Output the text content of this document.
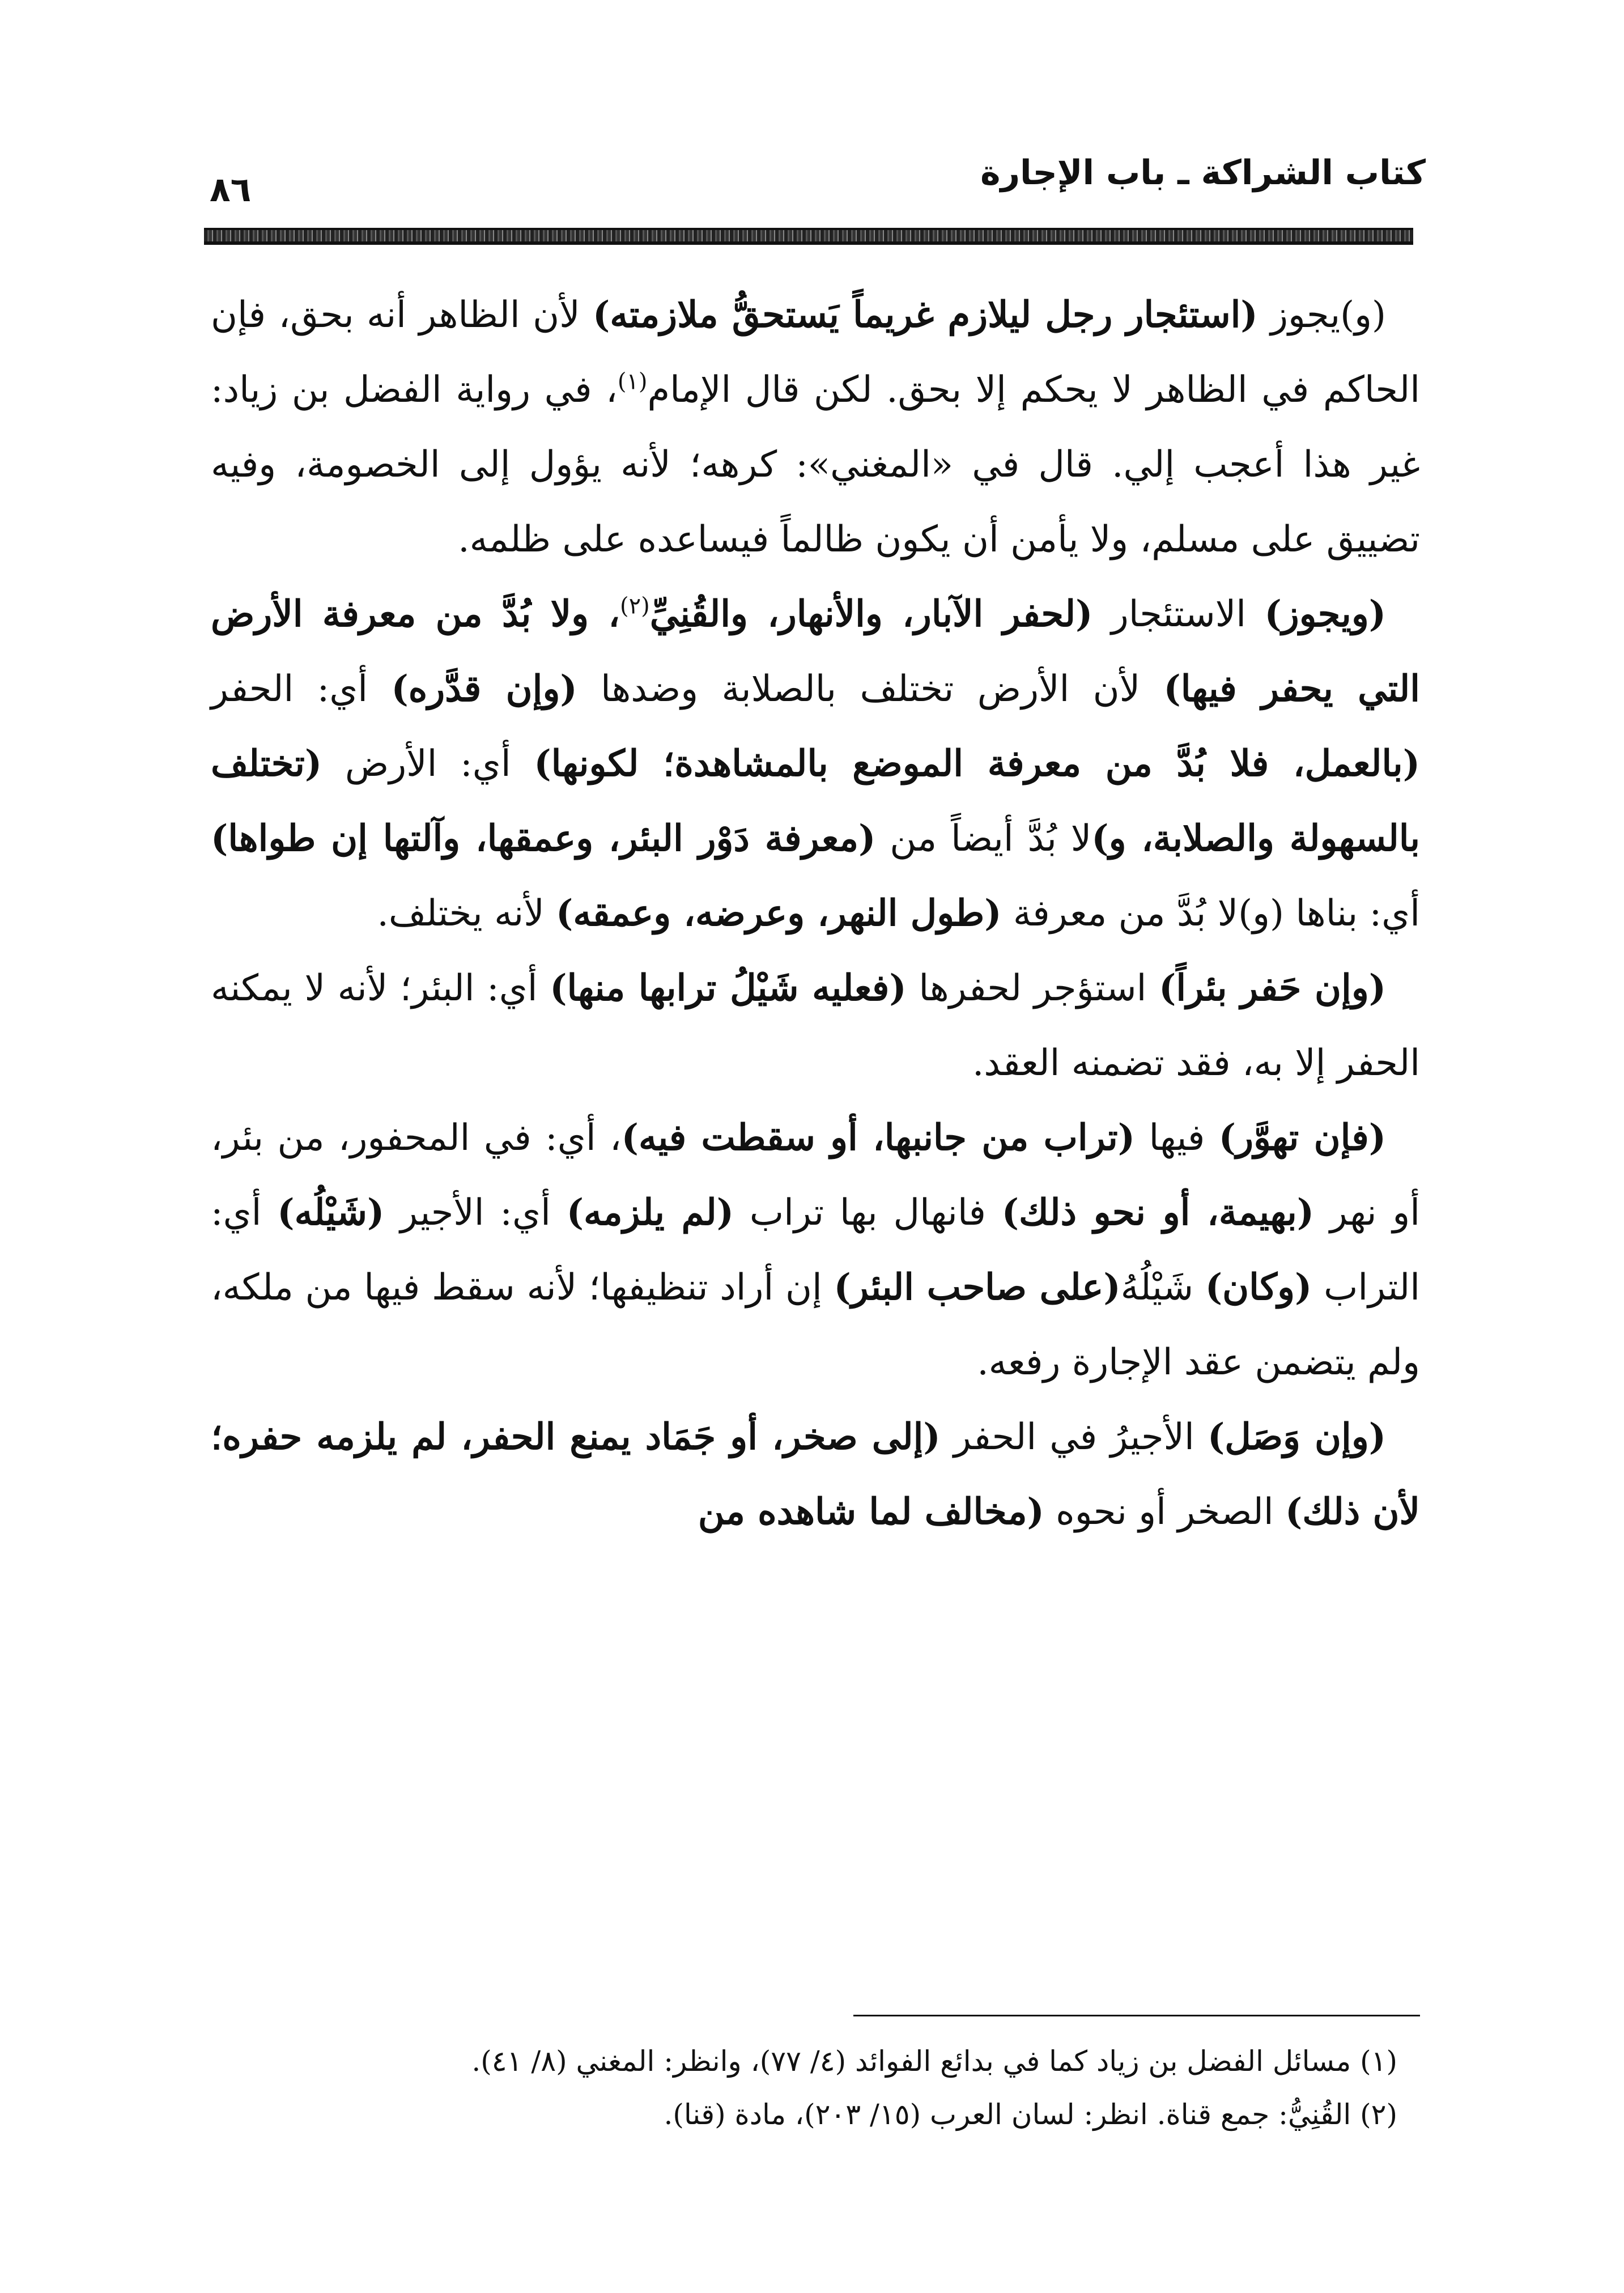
كتاب الشراكة ـ باب الإجارة
٨٦

(و)يجوز (استئجار رجل ليلازم غريماً يَستحقُّ ملازمته) لأن الظاهر أنه بحق، فإن الحاكم في الظاهر لا يحكم إلا بحق. لكن قال الإمام$^{(١)}$، في رواية الفضل بن زياد: غير هذا أعجب إلي. قال في «المغني»: كرهه؛ لأنه يؤول إلى الخصومة، وفيه تضييق على مسلم، ولا يأمن أن يكون ظالماً فيساعده على ظلمه.

(ويجوز) الاستئجار (لحفر الآبار، والأنهار، والقُنِيِّ$^{(٢)}$، ولا بُدَّ من معرفة الأرض التي يحفر فيها) لأن الأرض تختلف بالصلابة وضدها (وإن قدَّره) أي: الحفر (بالعمل، فلا بُدَّ من معرفة الموضع بالمشاهدة؛ لكونها) أي: الأرض (تختلف بالسهولة والصلابة، و)لا بُدَّ أيضاً من (معرفة دَوْر البئر، وعمقها، وآلتها إن طواها) أي: بناها (و)لا بُدَّ من معرفة (طول النهر، وعرضه، وعمقه) لأنه يختلف.

(وإن حَفر بئراً) استؤجر لحفرها (فعليه شَيْلُ ترابها منها) أي: البئر؛ لأنه لا يمكنه الحفر إلا به، فقد تضمنه العقد.

(فإن تهوَّر) فيها (تراب من جانبها، أو سقطت فيه)، أي: في المحفور، من بئر، أو نهر (بهيمة، أو نحو ذلك) فانهال بها تراب (لم يلزمه) أي: الأجير (شَيْلُه) أي: التراب (وكان) شَيْلُهُ(على صاحب البئر) إن أراد تنظيفها؛ لأنه سقط فيها من ملكه، ولم يتضمن عقد الإجارة رفعه.

(وإن وَصَل) الأجيرُ في الحفر (إلى صخر، أو جَمَاد يمنع الحفر، لم يلزمه حفره؛ لأن ذلك) الصخر أو نحوه (مخالف لما شاهده من

(١) مسائل الفضل بن زياد كما في بدائع الفوائد (٤/ ٧٧)، وانظر: المغني (٨/ ٤١).
(٢) القُنِيُّ: جمع قناة. انظر: لسان العرب (١٥/ ٢٠٣)، مادة (قنا).
